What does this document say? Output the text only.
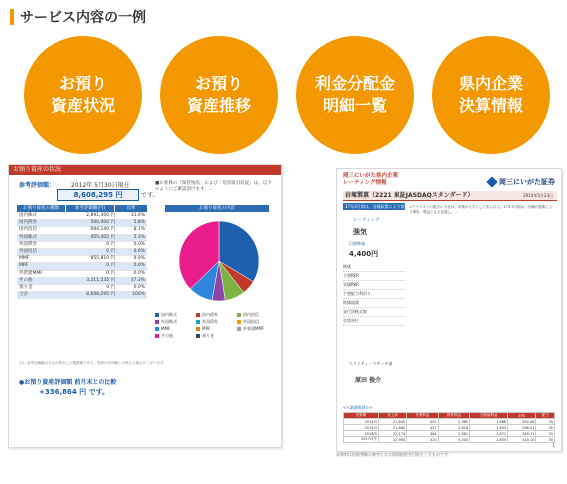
サービス内容の一例
お預り
資産状況
お預り
資産推移
利金分配金
明細一覧
県内企業
決算情報
お預り資産の状況
参考評価額：	2012年 5月30日現在
8,608,295 円	です。
■お客様の「保管残高」および「信用取引状況」は、以下のようにご確認頂けます。…
お預り資産の種類	参考評価額(円)	比率
国内株式	2,891,300 円	33.6%
国内債券	500,000 円	5.8%
国内投信	694,140 円	8.1%
外国株式	455,402 円	5.3%
外国債券	0 円	0.0%
外国投信	0 円	0.0%
MMF	855,810 円	9.9%
MRF	0 円	0.0%
外貨建MMF	0 円	0.0%
その他	3,211,535 円	37.3%
預り金	0 円	0.0%
合計	8,608,295 円	100%
お預り資産の内訳
国内株式	国内債券	国内投信
外国株式	外国債券	外国投信
MMF	MRF	外貨建MMF
その他	預り金
注1. 参考評価額は当社が算出した概算額であり、実際の売却額とは異なる場合がございます。
●お預り資産評価額 前月末との比較
+336,864 円 です。
岡三にいがた県内企業
レーティング情報	岡三にいがた証券
岩塚製菓（2221 東証JASDAQスタンダード）	2014年5月23日
17年3月期は、各種政策により増収・増益へ
レーティング
強気
目標株価
4,400円
株価
予想PER
実績PBR
予想配当利回り
時価総額
発行済株式数
売買単位
エクイティ・リサーチ部
原田 俊介
<アナリストの視点> 当社は、米菓の大手として知られる。17年3月期は、各種の施策により増収・増益となる見通し。…
<<業績推移>>
決算期	売上高	営業利益	経常利益	当期純利益	EPS	配当
2014/3	21,845	402	2,980	1,688	292.08	30
2015/3	21,680	427	2,818	1,653	286.01	30
2016/3	22,174	464	2,881	1,671	289.11	30
2017/3予	22,900	520	3,000	1,850	320.10	30
1
本資料は投資判断の参考となる情報提供を目的としたものです。
